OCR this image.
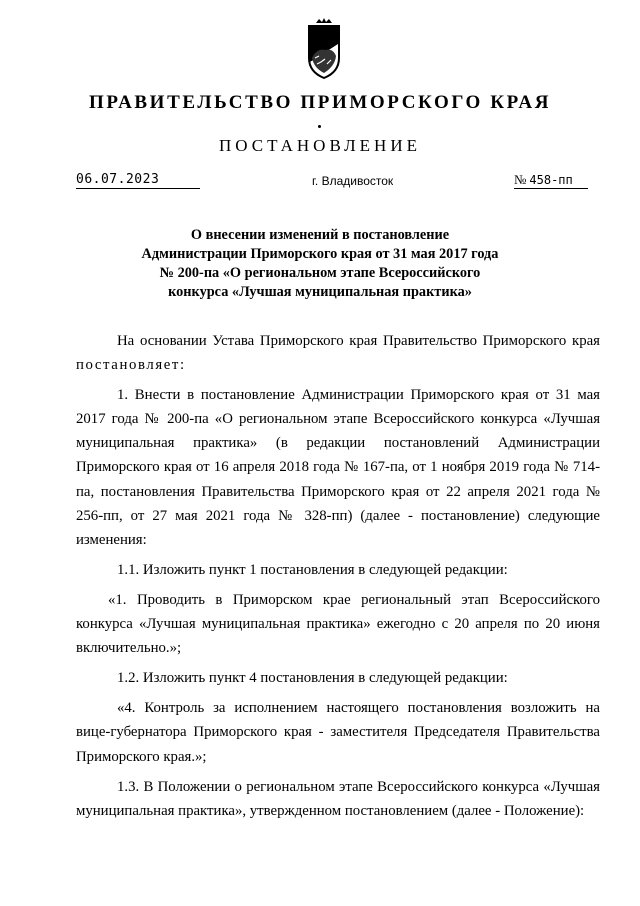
ПРАВИТЕЛЬСТВО ПРИМОРСКОГО КРАЯ
ПОСТАНОВЛЕНИЕ
06.07.2023	г. Владивосток	№ 458-пп
О внесении изменений в постановление
Администрации Приморского края от 31 мая 2017 года
№ 200-па «О региональном этапе Всероссийского
конкурса «Лучшая муниципальная практика»

На основании Устава Приморского края Правительство Приморского края постановляет:

1. Внести в постановление Администрации Приморского края от 31 мая 2017 года № 200-па «О региональном этапе Всероссийского конкурса «Лучшая муниципальная практика» (в редакции постановлений Администрации Приморского края от 16 апреля 2018 года № 167-па, от 1 ноября 2019 года № 714-па, постановления Правительства Приморского края от 22 апреля 2021 года № 256-пп, от 27 мая 2021 года № 328-пп) (далее - постановление) следующие изменения:

1.1. Изложить пункт 1 постановления в следующей редакции:

«1. Проводить в Приморском крае региональный этап Всероссийского конкурса «Лучшая муниципальная практика» ежегодно с 20 апреля по 20 июня включительно.»;

1.2. Изложить пункт 4 постановления в следующей редакции:

«4. Контроль за исполнением настоящего постановления возложить на вице-губернатора Приморского края - заместителя Председателя Правительства Приморского края.»;

1.3. В Положении о региональном этапе Всероссийского конкурса «Лучшая муниципальная практика», утвержденном постановлением (далее - Положение):
